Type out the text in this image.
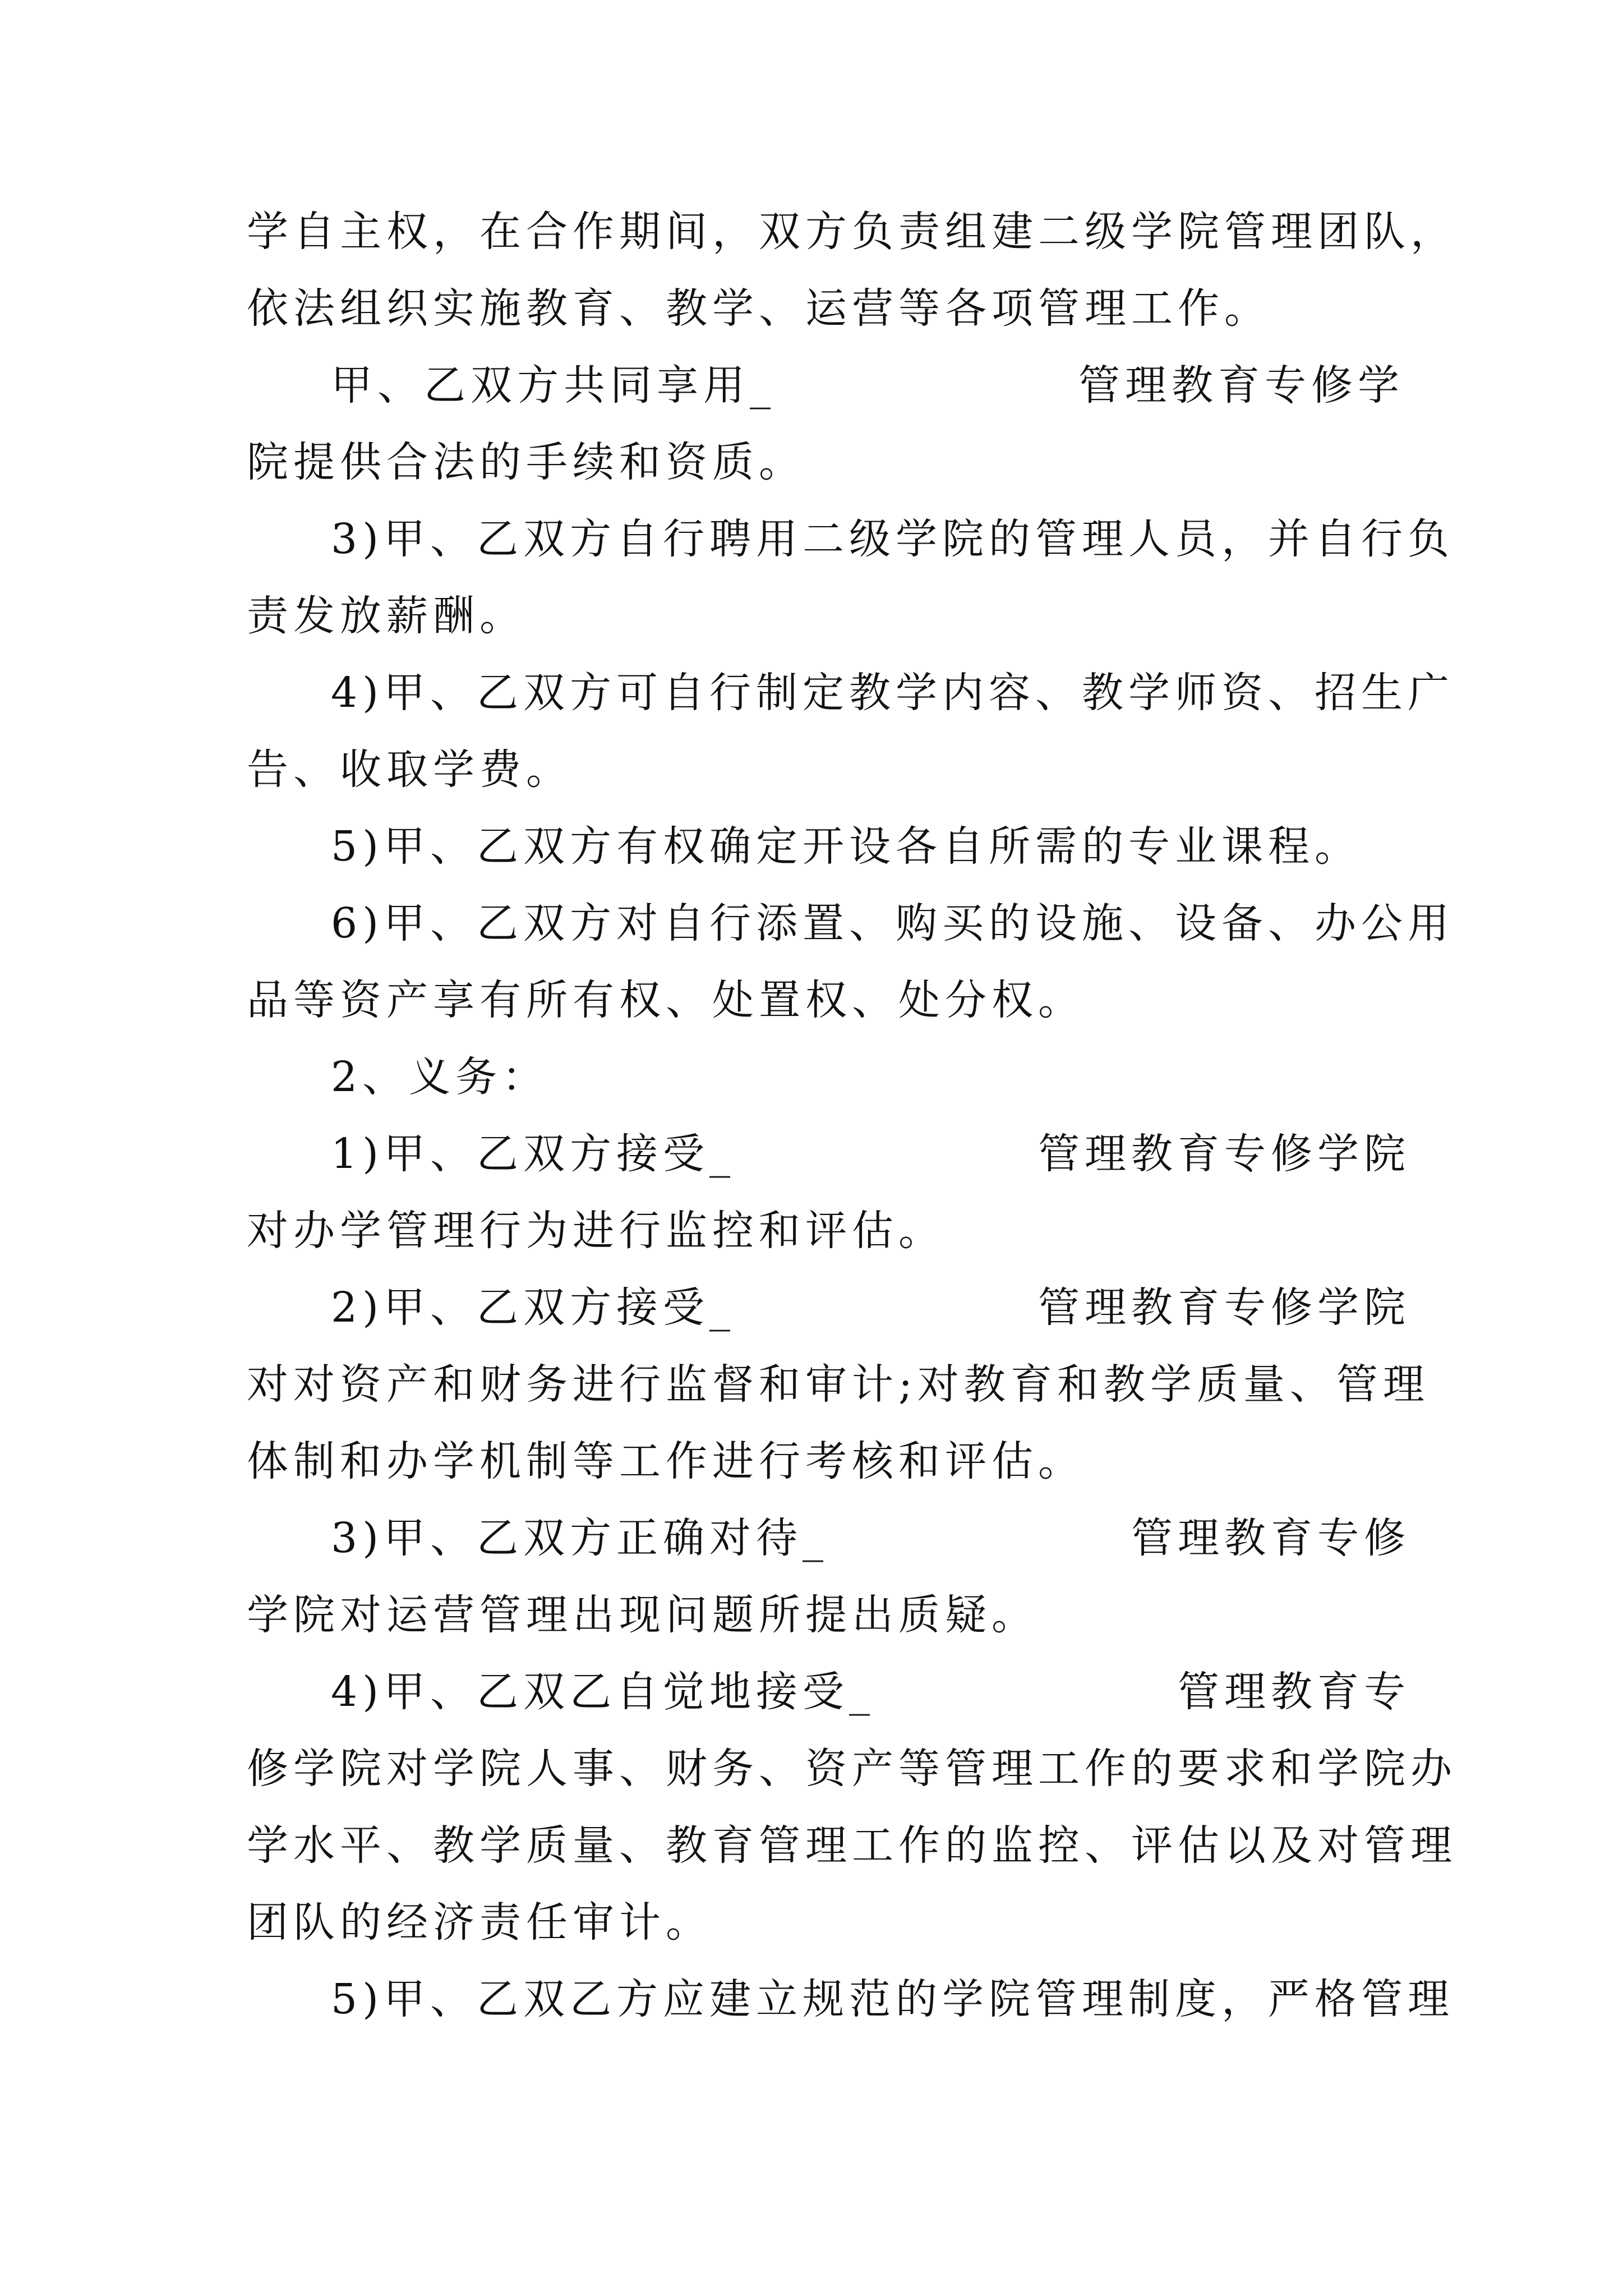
学自主权，在合作期间，双方负责组建二级学院管理团队，
依法组织实施教育、教学、运营等各项管理工作。

甲、乙双方共同享用_	管理教育专修学
院提供合法的手续和资质。

3)甲、乙双方自行聘用二级学院的管理人员，并自行负
责发放薪酬。

4)甲、乙双方可自行制定教学内容、教学师资、招生广
告、收取学费。

5)甲、乙双方有权确定开设各自所需的专业课程。

6)甲、乙双方对自行添置、购买的设施、设备、办公用
品等资产享有所有权、处置权、处分权。

2、义务：

1)甲、乙双方接受_	管理教育专修学院
对办学管理行为进行监控和评估。

2)甲、乙双方接受_	管理教育专修学院
对对资产和财务进行监督和审计;对教育和教学质量、管理
体制和办学机制等工作进行考核和评估。

3)甲、乙双方正确对待_	管理教育专修
学院对运营管理出现问题所提出质疑。

4)甲、乙双乙自觉地接受_	管理教育专
修学院对学院人事、财务、资产等管理工作的要求和学院办
学水平、教学质量、教育管理工作的监控、评估以及对管理
团队的经济责任审计。

5)甲、乙双乙方应建立规范的学院管理制度，严格管理
